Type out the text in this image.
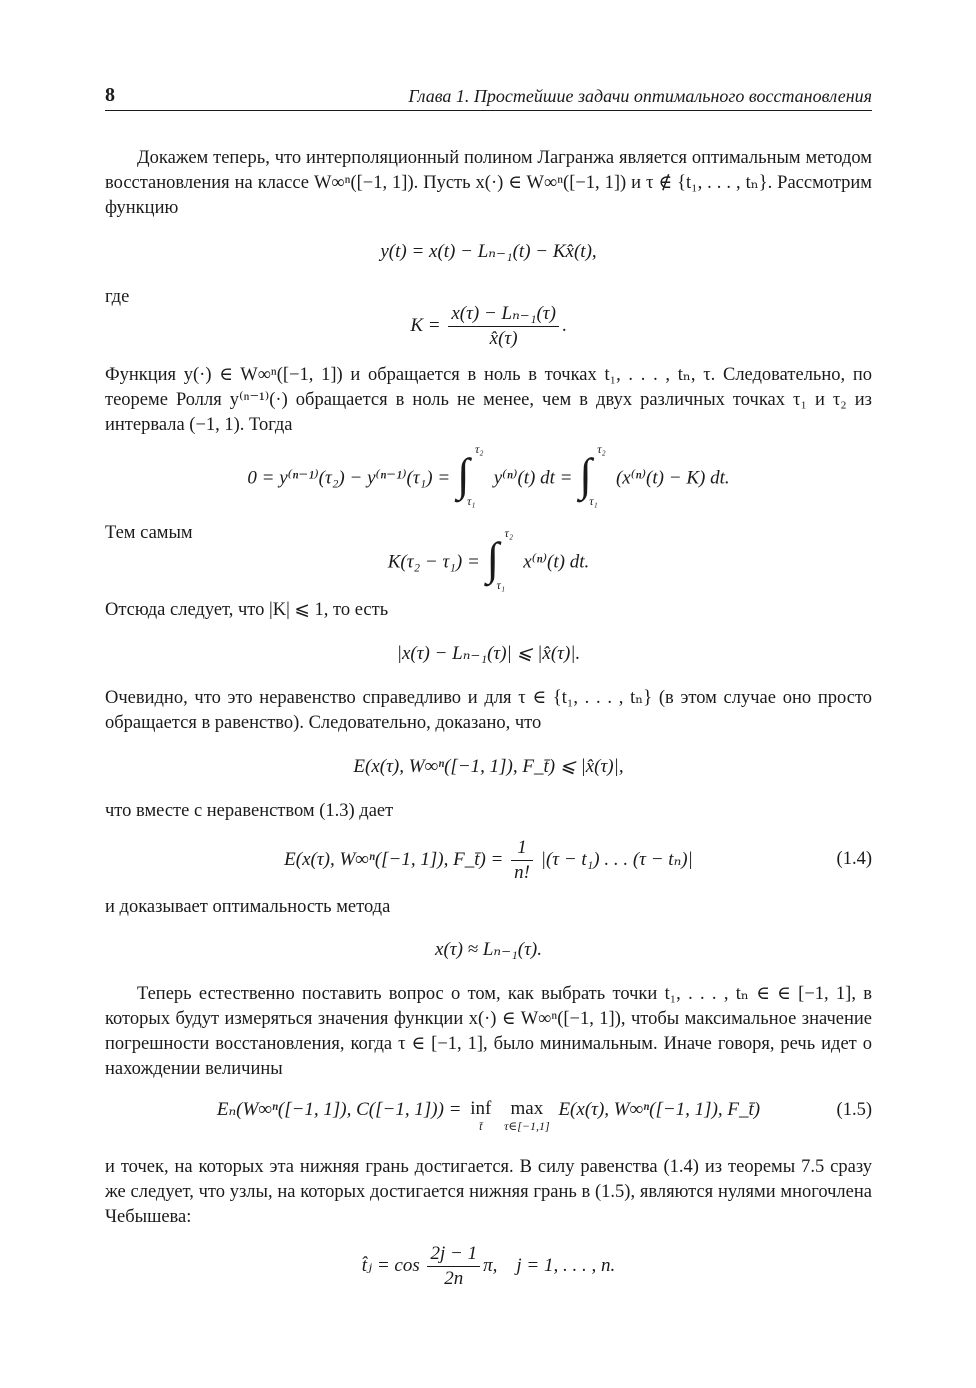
8	Глава 1. Простейшие задачи оптимального восстановления

Докажем теперь, что интерполяционный полином Лагранжа является оптимальным методом восстановления на классе W∞ⁿ([−1, 1]). Пусть x(·) ∈ W∞ⁿ([−1, 1]) и τ ∉ {t₁, . . . , tₙ}. Рассмотрим функцию

y(t) = x(t) − Lₙ₋₁(t) − Kx̂(t),

где

$K = \frac{\text{x(τ) − Lₙ₋₁(τ)}}{x̂(\tau)}$ .

Функция y(·) ∈ W∞ⁿ([−1, 1]) и обращается в ноль в точках t₁, . . . , tₙ, τ. Следовательно, по теореме Ролля y⁽ⁿ⁻¹⁾(·) обращается в ноль не менее, чем в двух различных точках τ₁ и τ₂ из интервала (−1, 1). Тогда

0 = y⁽ⁿ⁻¹⁾(τ₂) − y⁽ⁿ⁻¹⁾(τ₁) = ∫ τ₂
τ₁
y⁽ⁿ⁾(t) dt = ∫ τ₂
τ₁
(x⁽ⁿ⁾(t) − K) dt.

Тем самым

K(τ₂ − τ₁) = ∫ τ₂
τ₁
x⁽ⁿ⁾(t) dt.

Отсюда следует, что |K| ⩽ 1, то есть

|x(τ) − Lₙ₋₁(τ)| ⩽ |x̂(τ)|.

Очевидно, что это неравенство справедливо и для τ ∈ {t₁, . . . , tₙ} (в этом случае оно просто обращается в равенство). Следовательно, доказано, что

E(x(τ), W∞ⁿ([−1, 1]), F_t̄) ⩽ |x̂(τ)|,

что вместе с неравенством (1.3) дает

E(x(τ), W∞ⁿ([−1, 1]), F_t̄) = $\frac{1}{n!} |(\tau - t_1)$ . . . (τ − tₙ)|	(1.4)

и доказывает оптимальность метода

x(τ) ≈ Lₙ₋₁(τ).

Теперь естественно поставить вопрос о том, как выбрать точки t₁, . . . , tₙ ∈ ∈ [−1, 1], в которых будут измеряться значения функции x(·) ∈ W∞ⁿ([−1, 1]), чтобы максимальное значение погрешности восстановления, когда τ ∈ [−1, 1], было минимальным. Иначе говоря, речь идет о нахождении величины

Eₙ(W∞ⁿ([−1, 1]), C([−1, 1])) = inf
t̄
max
τ∈[−1,1]
E(x(τ), W∞ⁿ([−1, 1]), F_t̄)	(1.5)

и точек, на которых эта нижняя грань достигается. В силу равенства (1.4) из теоремы 7.5 сразу же следует, что узлы, на которых достигается нижняя грань в (1.5), являются нулями многочлена Чебышева:

t̂ⱼ = $\cos \frac{2j - 1}{2n} \pi$,    j = 1, . . . , n.
